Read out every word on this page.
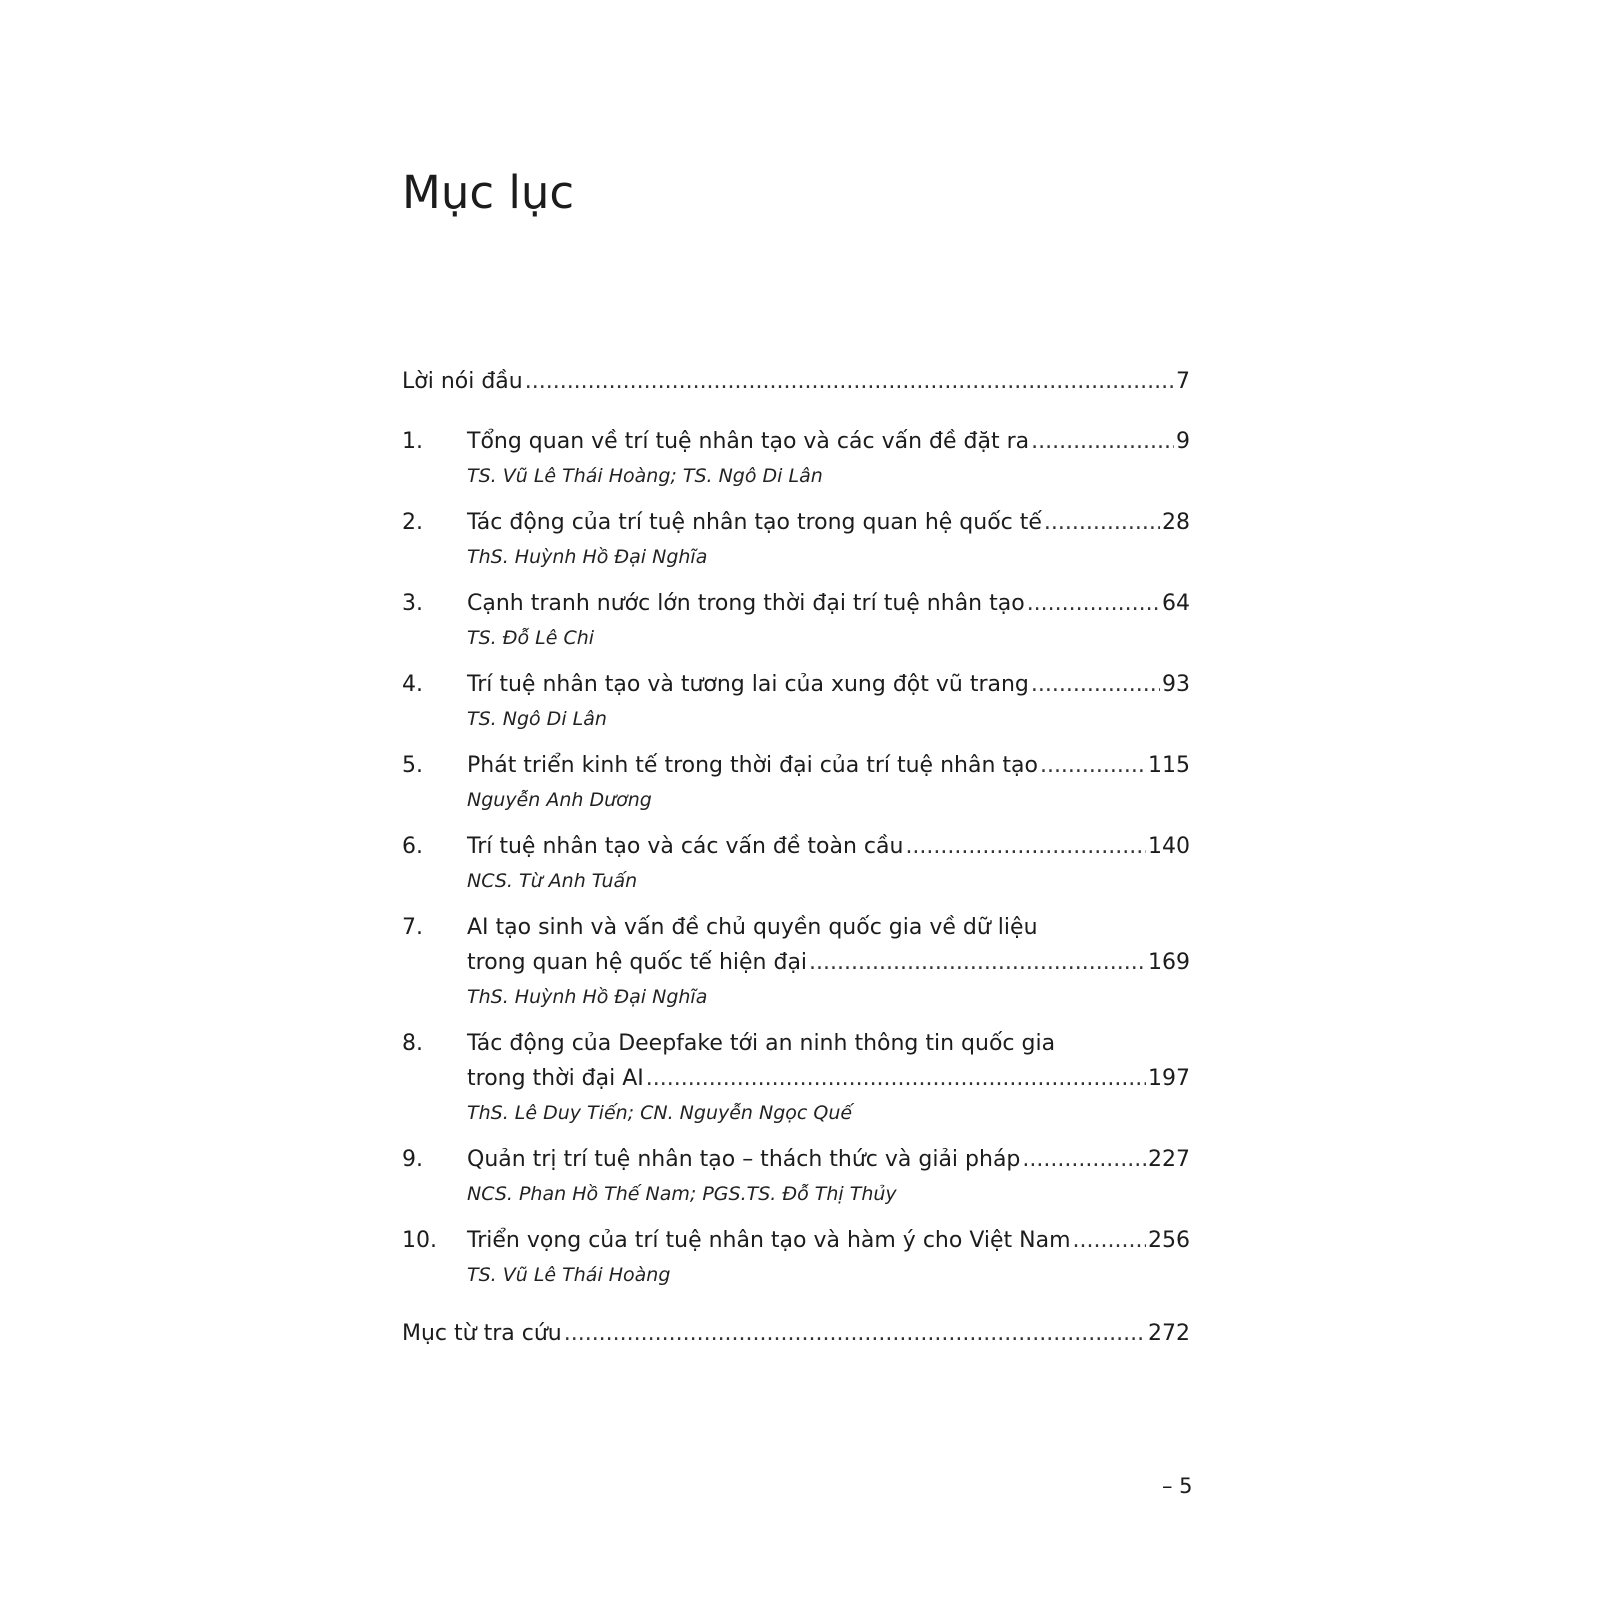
Mục lục
Lời nói đầu .....	7
1. Tổng quan về trí tuệ nhân tạo và các vấn đề đặt ra .....	9
TS. Vũ Lê Thái Hoàng; TS. Ngô Di Lân
2. Tác động của trí tuệ nhân tạo trong quan hệ quốc tế .....	28
ThS. Huỳnh Hồ Đại Nghĩa
3. Cạnh tranh nước lớn trong thời đại trí tuệ nhân tạo .....	64
TS. Đỗ Lê Chi
4. Trí tuệ nhân tạo và tương lai của xung đột vũ trang .....	93
TS. Ngô Di Lân
5. Phát triển kinh tế trong thời đại của trí tuệ nhân tạo .....	115
Nguyễn Anh Dương
6. Trí tuệ nhân tạo và các vấn đề toàn cầu .....	140
NCS. Từ Anh Tuấn
7. AI tạo sinh và vấn đề chủ quyền quốc gia về dữ liệu
trong quan hệ quốc tế hiện đại .....	169
ThS. Huỳnh Hồ Đại Nghĩa
8. Tác động của Deepfake tới an ninh thông tin quốc gia
trong thời đại AI .....	197
ThS. Lê Duy Tiến; CN. Nguyễn Ngọc Quế
9. Quản trị trí tuệ nhân tạo – thách thức và giải pháp .....	227
NCS. Phan Hồ Thế Nam; PGS.TS. Đỗ Thị Thủy
10. Triển vọng của trí tuệ nhân tạo và hàm ý cho Việt Nam .....	256
TS. Vũ Lê Thái Hoàng
Mục từ tra cứu .....	272
– 5
